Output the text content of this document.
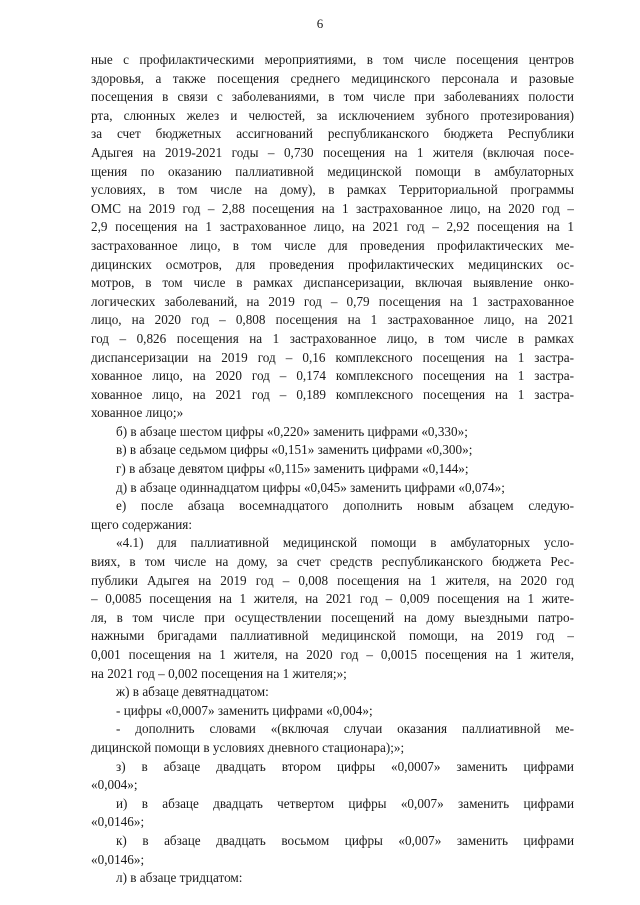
6
ные с профилактическими мероприятиями, в том числе посещения центров
здоровья, а также посещения среднего медицинского персонала и разовые
посещения в связи с заболеваниями, в том числе при заболеваниях полости
рта, слюнных желез и челюстей, за исключением зубного протезирования)
за счет бюджетных ассигнований республиканского бюджета Республики
Адыгея на 2019-2021 годы – 0,730 посещения на 1 жителя (включая посе-
щения по оказанию паллиативной медицинской помощи в амбулаторных
условиях, в том числе на дому), в рамках Территориальной программы
ОМС на 2019 год – 2,88 посещения на 1 застрахованное лицо, на 2020 год –
2,9 посещения на 1 застрахованное лицо, на 2021 год – 2,92 посещения на 1
застрахованное лицо, в том числе для проведения профилактических ме-
дицинских осмотров, для проведения профилактических медицинских ос-
мотров, в том числе в рамках диспансеризации, включая выявление онко-
логических заболеваний, на 2019 год – 0,79 посещения на 1 застрахованное
лицо, на 2020 год – 0,808 посещения на 1 застрахованное лицо, на 2021
год – 0,826 посещения на 1 застрахованное лицо, в том числе в рамках
диспансеризации на 2019 год – 0,16 комплексного посещения на 1 застра-
хованное лицо, на 2020 год – 0,174 комплексного посещения на 1 застра-
хованное лицо, на 2021 год – 0,189 комплексного посещения на 1 застра-
хованное лицо;»
б) в абзаце шестом цифры «0,220» заменить цифрами «0,330»;
в) в абзаце седьмом цифры «0,151» заменить цифрами «0,300»;
г) в абзаце девятом цифры «0,115» заменить цифрами «0,144»;
д) в абзаце одиннадцатом цифры «0,045» заменить цифрами «0,074»;
е) после абзаца восемнадцатого дополнить новым абзацем следую-
щего содержания:
«4.1) для паллиативной медицинской помощи в амбулаторных усло-
виях, в том числе на дому, за счет средств республиканского бюджета Рес-
публики Адыгея на 2019 год – 0,008 посещения на 1 жителя, на 2020 год
– 0,0085 посещения на 1 жителя, на 2021 год – 0,009 посещения на 1 жите-
ля, в том числе при осуществлении посещений на дому выездными патро-
нажными бригадами паллиативной медицинской помощи, на 2019 год –
0,001 посещения на 1 жителя, на 2020 год – 0,0015 посещения на 1 жителя,
на 2021 год – 0,002 посещения на 1 жителя;»;
ж) в абзаце девятнадцатом:
- цифры «0,0007» заменить цифрами «0,004»;
- дополнить словами «(включая случаи оказания паллиативной ме-
дицинской помощи в условиях дневного стационара);»;
з) в абзаце двадцать втором цифры «0,0007» заменить цифрами
«0,004»;
и) в абзаце двадцать четвертом цифры «0,007» заменить цифрами
«0,0146»;
к) в абзаце двадцать восьмом цифры «0,007» заменить цифрами
«0,0146»;
л) в абзаце тридцатом:
